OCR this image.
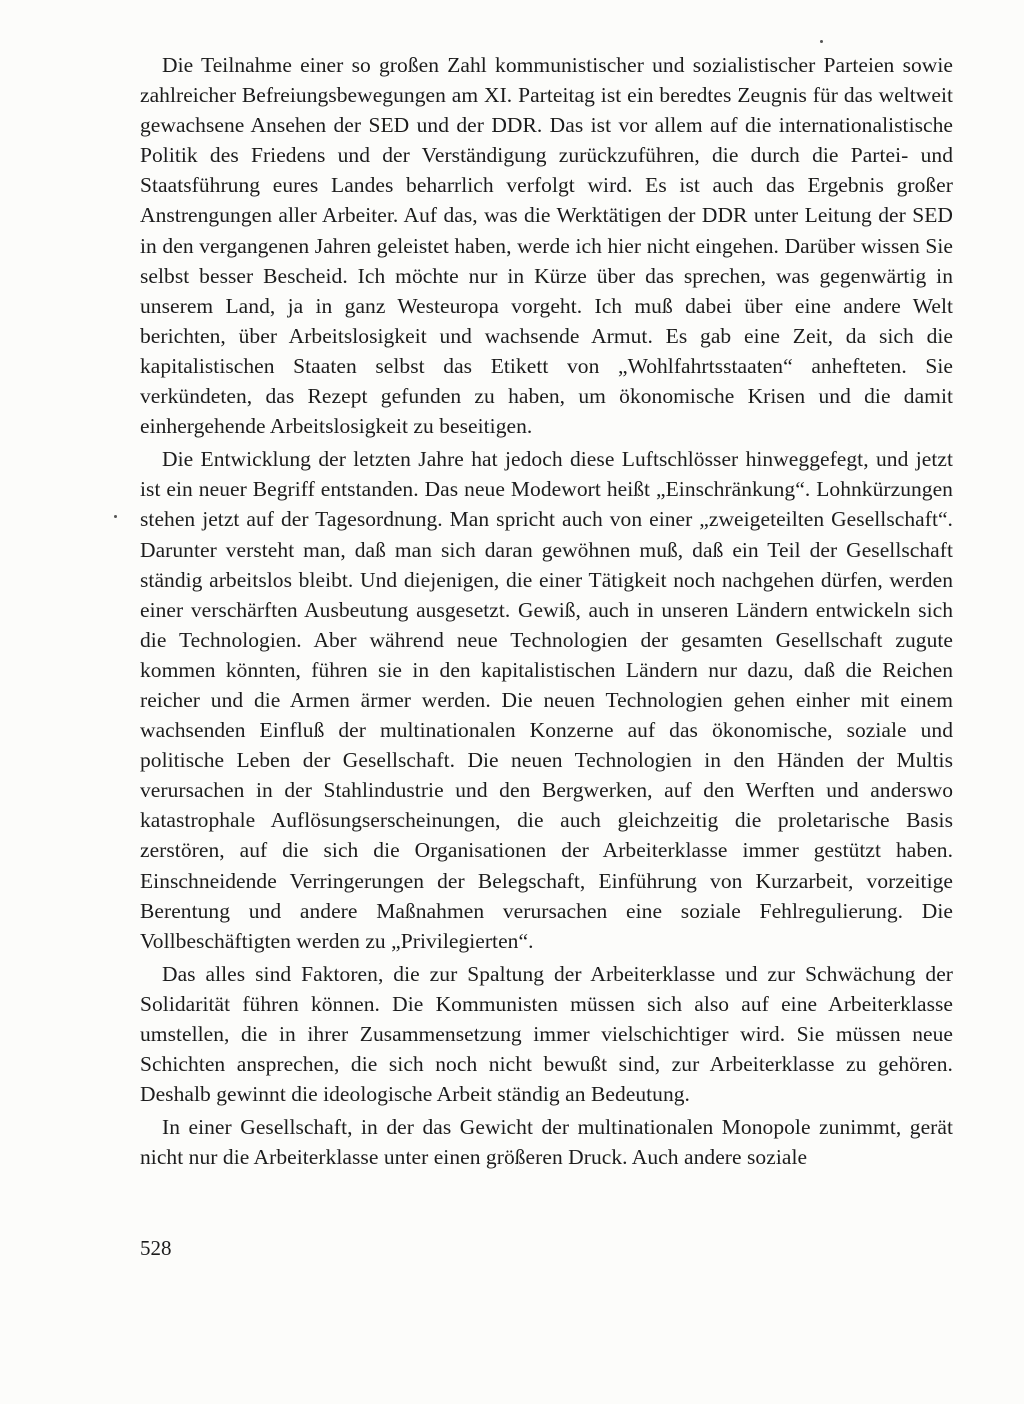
Die Teilnahme einer so großen Zahl kommunistischer und sozialistischer Parteien sowie zahlreicher Befreiungsbewegungen am XI. Parteitag ist ein beredtes Zeugnis für das weltweit gewachsene Ansehen der SED und der DDR. Das ist vor allem auf die internationalistische Politik des Friedens und der Verständigung zurückzuführen, die durch die Partei- und Staatsführung eures Landes beharrlich verfolgt wird. Es ist auch das Ergebnis großer Anstrengungen aller Arbeiter. Auf das, was die Werktätigen der DDR unter Leitung der SED in den vergangenen Jahren geleistet haben, werde ich hier nicht eingehen. Darüber wissen Sie selbst besser Bescheid. Ich möchte nur in Kürze über das sprechen, was gegenwärtig in unserem Land, ja in ganz Westeuropa vorgeht. Ich muß dabei über eine andere Welt berichten, über Arbeitslosigkeit und wachsende Armut. Es gab eine Zeit, da sich die kapitalistischen Staaten selbst das Etikett von „Wohlfahrtsstaaten“ anhefteten. Sie verkündeten, das Rezept gefunden zu haben, um ökonomische Krisen und die damit einhergehende Arbeitslosigkeit zu beseitigen.

Die Entwicklung der letzten Jahre hat jedoch diese Luftschlösser hinweggefegt, und jetzt ist ein neuer Begriff entstanden. Das neue Modewort heißt „Einschränkung“. Lohnkürzungen stehen jetzt auf der Tagesordnung. Man spricht auch von einer „zweigeteilten Gesellschaft“. Darunter versteht man, daß man sich daran gewöhnen muß, daß ein Teil der Gesellschaft ständig arbeitslos bleibt. Und diejenigen, die einer Tätigkeit noch nachgehen dürfen, werden einer verschärften Ausbeutung ausgesetzt. Gewiß, auch in unseren Ländern entwickeln sich die Technologien. Aber während neue Technologien der gesamten Gesellschaft zugute kommen könnten, führen sie in den kapitalistischen Ländern nur dazu, daß die Reichen reicher und die Armen ärmer werden. Die neuen Technologien gehen einher mit einem wachsenden Einfluß der multinationalen Konzerne auf das ökonomische, soziale und politische Leben der Gesellschaft. Die neuen Technologien in den Händen der Multis verursachen in der Stahlindustrie und den Bergwerken, auf den Werften und anderswo katastrophale Auflösungserscheinungen, die auch gleichzeitig die proletarische Basis zerstören, auf die sich die Organisationen der Arbeiterklasse immer gestützt haben. Einschneidende Verringerungen der Belegschaft, Einführung von Kurzarbeit, vorzeitige Berentung und andere Maßnahmen verursachen eine soziale Fehlregulierung. Die Vollbeschäftigten werden zu „Privilegierten“.

Das alles sind Faktoren, die zur Spaltung der Arbeiterklasse und zur Schwächung der Solidarität führen können. Die Kommunisten müssen sich also auf eine Arbeiterklasse umstellen, die in ihrer Zusammensetzung immer vielschichtiger wird. Sie müssen neue Schichten ansprechen, die sich noch nicht bewußt sind, zur Arbeiterklasse zu gehören. Deshalb gewinnt die ideologische Arbeit ständig an Bedeutung.

In einer Gesellschaft, in der das Gewicht der multinationalen Monopole zunimmt, gerät nicht nur die Arbeiterklasse unter einen größeren Druck. Auch andere soziale

528
